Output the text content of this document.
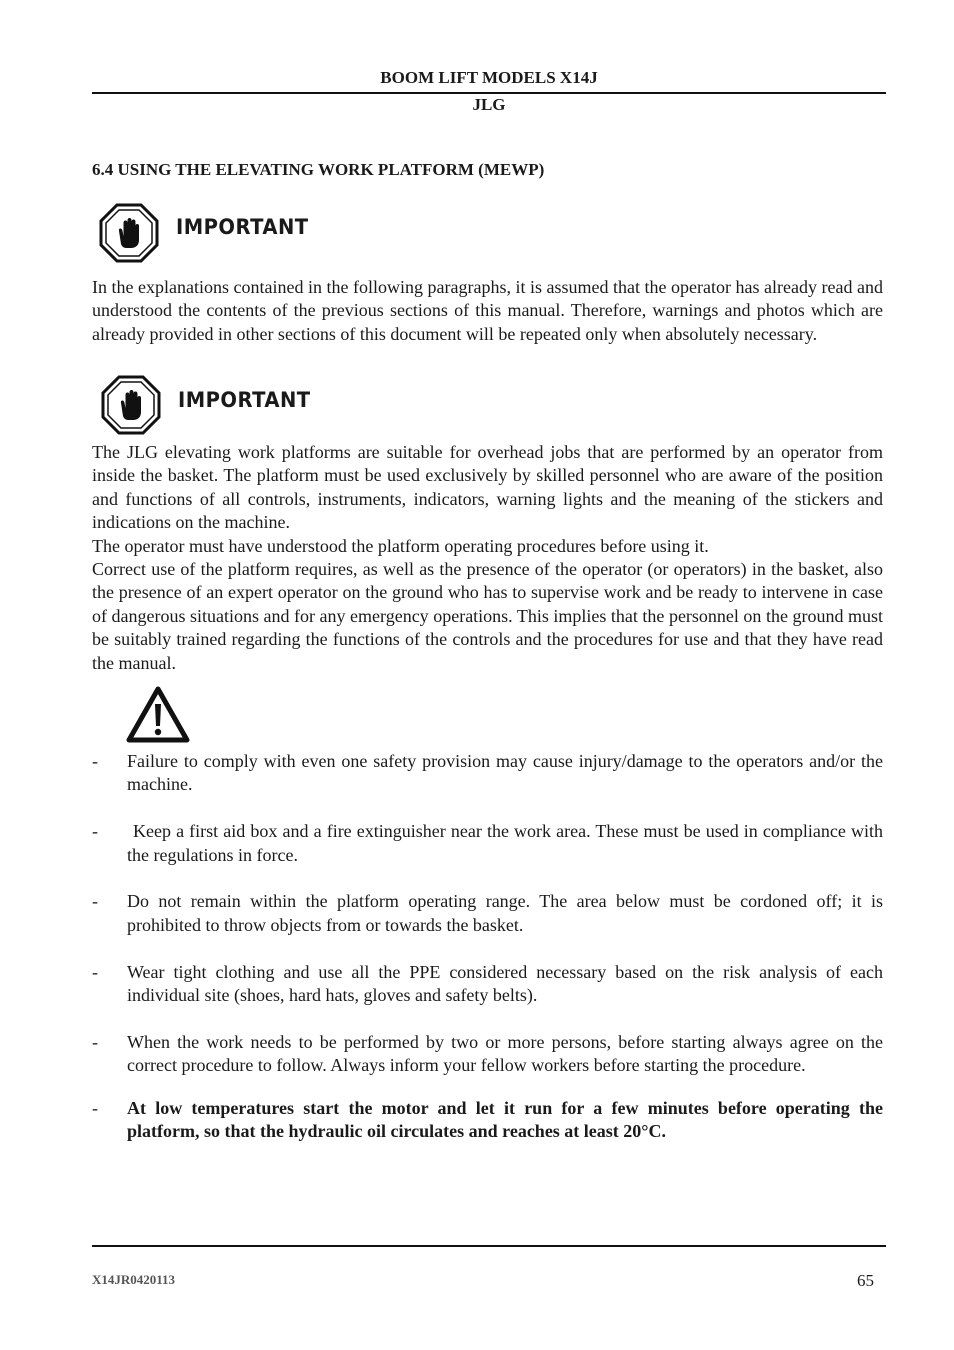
BOOM LIFT MODELS X14J
JLG
6.4 USING THE ELEVATING WORK PLATFORM (MEWP)
IMPORTANT

In the explanations contained in the following paragraphs, it is assumed that the operator has already read and understood the contents of the previous sections of this manual. Therefore, warnings and photos which are already provided in other sections of this document will be repeated only when absolutely necessary.

IMPORTANT

The JLG elevating work platforms are suitable for overhead jobs that are performed by an operator from inside the basket. The platform must be used exclusively by skilled personnel who are aware of the position and functions of all controls, instruments, indicators, warning lights and the meaning of the stickers and indications on the machine.

The operator must have understood the platform operating procedures before using it.

Correct use of the platform requires, as well as the presence of the operator (or operators) in the basket, also the presence of an expert operator on the ground who has to supervise work and be ready to intervene in case of dangerous situations and for any emergency operations. This implies that the personnel on the ground must be suitably trained regarding the functions of the controls and the procedures for use and that they have read the manual.

- Failure to comply with even one safety provision may cause injury/damage to the operators and/or the machine.
- Keep a first aid box and a fire extinguisher near the work area. These must be used in compliance with the regulations in force.
- Do not remain within the platform operating range. The area below must be cordoned off; it is prohibited to throw objects from or towards the basket.
- Wear tight clothing and use all the PPE considered necessary based on the risk analysis of each individual site (shoes, hard hats, gloves and safety belts).
- When the work needs to be performed by two or more persons, before starting always agree on the correct procedure to follow. Always inform your fellow workers before starting the procedure.
- At low temperatures start the motor and let it run for a few minutes before operating the platform, so that the hydraulic oil circulates and reaches at least 20°C.
X14JR0420113	65
